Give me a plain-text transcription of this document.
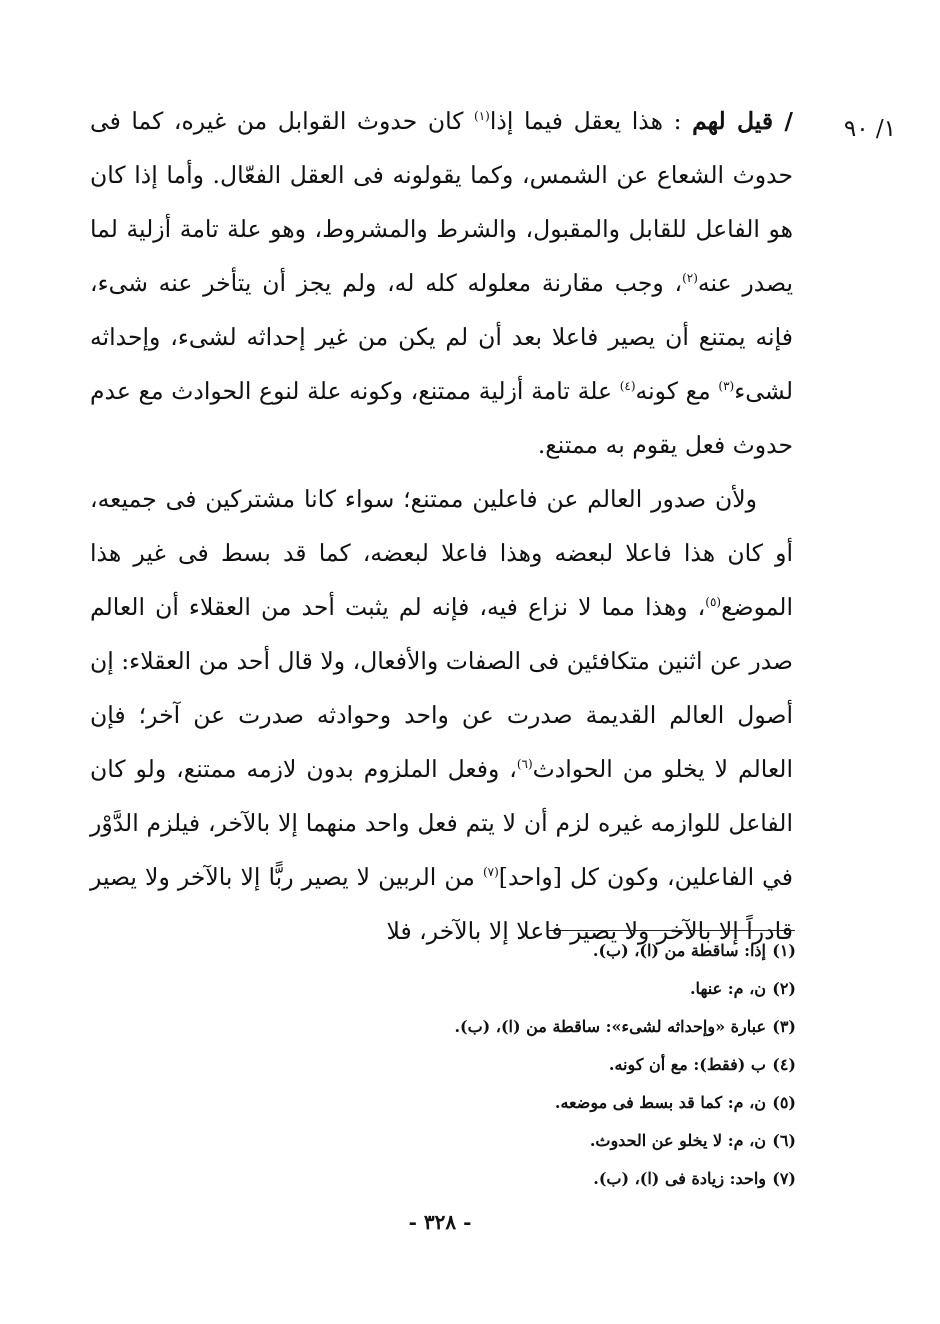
١/ ٩٠

/ قيل لهم : هذا يعقل فيما إذا$^{(١)}$ كان حدوث القوابل من غيره، كما فى حدوث الشعاع عن الشمس، وكما يقولونه فى العقل الفعّال. وأما إذا كان هو الفاعل للقابل والمقبول، والشرط والمشروط، وهو علة تامة أزلية لما يصدر عنه$^{(٢)}$، وجب مقارنة معلوله كله له، ولم يجز أن يتأخر عنه شىء، فإنه يمتنع أن يصير فاعلا بعد أن لم يكن من غير إحداثه لشىء، وإحداثه لشىء$^{(٣)}$ مع كونه$^{(٤)}$ علة تامة أزلية ممتنع، وكونه علة لنوع الحوادث مع عدم حدوث فعل يقوم به ممتنع.

ولأن صدور العالم عن فاعلين ممتنع؛ سواء كانا مشتركين فى جميعه، أو كان هذا فاعلا لبعضه وهذا فاعلا لبعضه، كما قد بسط فى غير هذا الموضع$^{(٥)}$، وهذا مما لا نزاع فيه، فإنه لم يثبت أحد من العقلاء أن العالم صدر عن اثنين متكافئين فى الصفات والأفعال، ولا قال أحد من العقلاء: إن أصول العالم القديمة صدرت عن واحد وحوادثه صدرت عن آخر؛ فإن العالم لا يخلو من الحوادث$^{(٦)}$، وفعل الملزوم بدون لازمه ممتنع، ولو كان الفاعل للوازمه غيره لزم أن لا يتم فعل واحد منهما إلا بالآخر، فيلزم الدَّوْر في الفاعلين، وكون كل [واحد]$^{(٧)}$ من الربين لا يصير ربًّا إلا بالآخر ولا يصير قادراً إلا بالآخر ولا يصير فاعلا إلا بالآخر، فلا

(١)إذا: ساقطة من (ا)، (ب).
(٢)ن، م: عنها.
(٣)عبارة «وإحداثه لشىء»: ساقطة من (ا)، (ب).
(٤)ب (فقط): مع أن كونه.
(٥)ن، م: كما قد بسط فى موضعه.
(٦)ن، م: لا يخلو عن الحدوث.
(٧)واحد: زيادة فى (ا)، (ب).
- ٣٢٨ -
